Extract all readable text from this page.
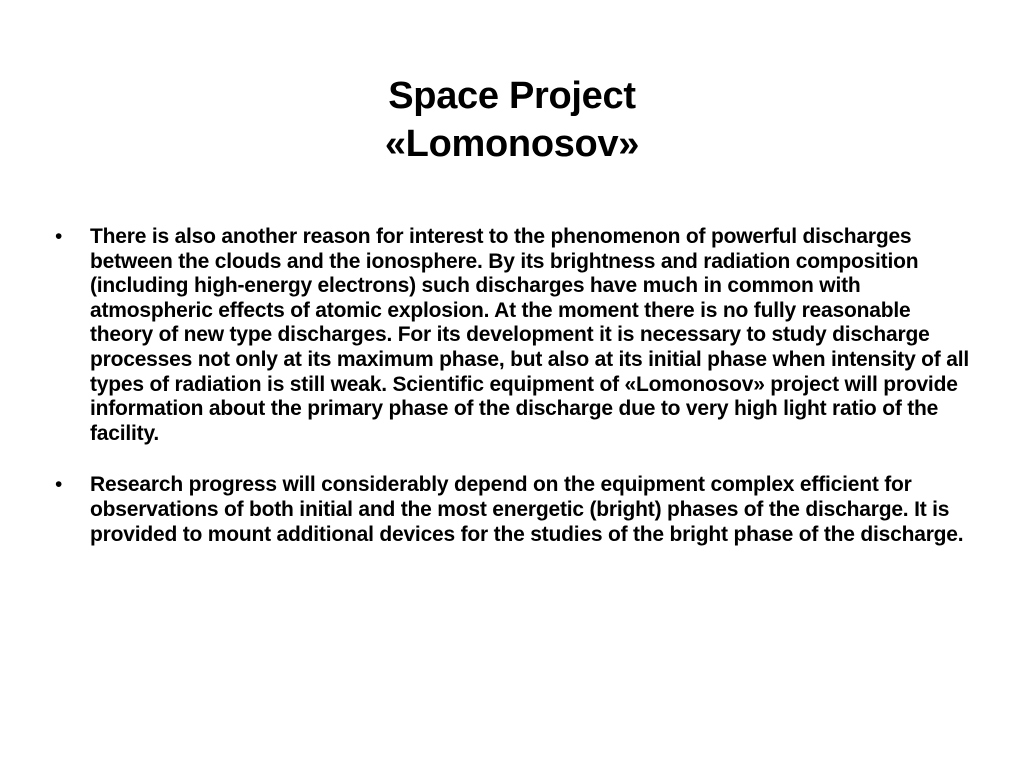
Space Project
«Lomonosov»
• There is also another reason for interest to the phenomenon of powerful discharges between the clouds and the ionosphere. By its brightness and radiation composition (including high-energy electrons) such discharges have much in common with atmospheric effects of atomic explosion. At the moment there is no fully reasonable theory of new type discharges. For its development it is necessary to study discharge processes not only at its maximum phase, but also at its initial phase when intensity of all types of radiation is still weak. Scientific equipment of «Lomonosov» project will provide information about the primary phase of the discharge due to very high light ratio of the facility.
• Research progress will considerably depend on the equipment complex efficient for observations of both initial and the most energetic (bright) phases of the discharge. It is provided to mount additional devices for the studies of the bright phase of the discharge.
